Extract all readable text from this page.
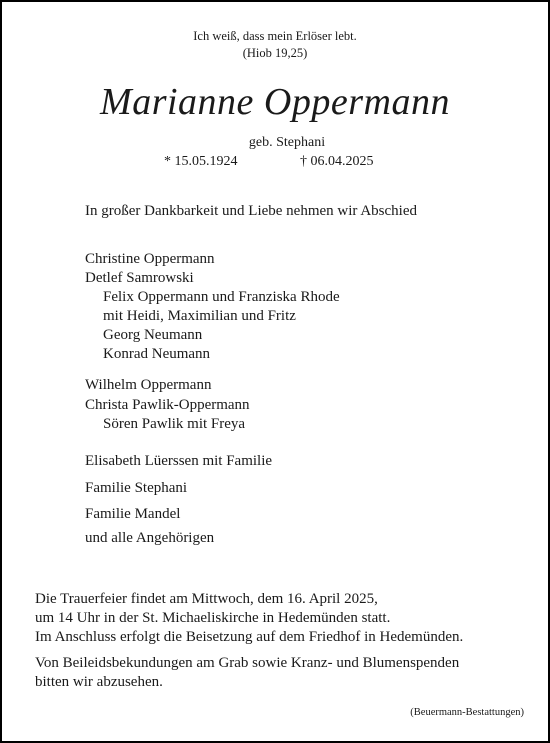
Ich weiß, dass mein Erlöser lebt.
(Hiob 19,25)
Marianne Oppermann
geb. Stephani
* 15.05.1924	† 06.04.2025
In großer Dankbarkeit und Liebe nehmen wir Abschied
Christine Oppermann
Detlef Samrowski
Felix Oppermann und Franziska Rhode
mit Heidi, Maximilian und Fritz
Georg Neumann
Konrad Neumann
Wilhelm Oppermann
Christa Pawlik-Oppermann
Sören Pawlik mit Freya
Elisabeth Lüerssen mit Familie
Familie Stephani
Familie Mandel
und alle Angehörigen
Die Trauerfeier findet am Mittwoch, dem 16. April 2025,
um 14 Uhr in der St. Michaeliskirche in Hedemünden statt.
Im Anschluss erfolgt die Beisetzung auf dem Friedhof in Hedemünden.
Von Beileidsbekundungen am Grab sowie Kranz- und Blumenspenden
bitten wir abzusehen.
(Beuermann-Bestattungen)
